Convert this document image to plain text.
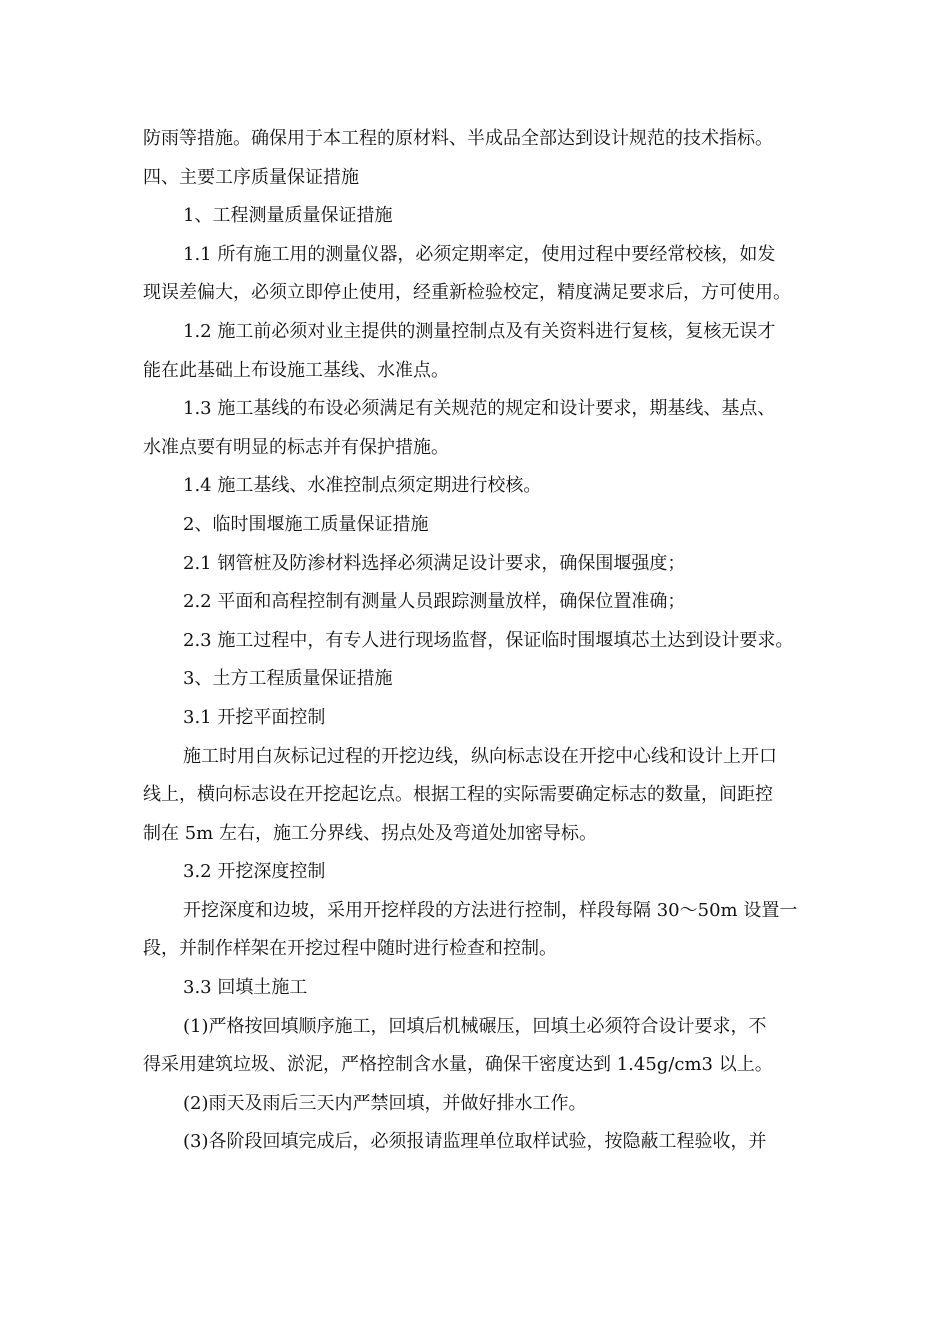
防雨等措施。确保用于本工程的原材料、半成品全部达到设计规范的技术指标。
四、主要工序质量保证措施
1、工程测量质量保证措施
1.1 所有施工用的测量仪器，必须定期率定，使用过程中要经常校核，如发
现误差偏大，必须立即停止使用，经重新检验校定，精度满足要求后，方可使用。
1.2 施工前必须对业主提供的测量控制点及有关资料进行复核，复核无误才
能在此基础上布设施工基线、水准点。
1.3 施工基线的布设必须满足有关规范的规定和设计要求，期基线、基点、
水准点要有明显的标志并有保护措施。
1.4 施工基线、水准控制点须定期进行校核。
2、临时围堰施工质量保证措施
2.1 钢管桩及防渗材料选择必须满足设计要求，确保围堰强度；
2.2 平面和高程控制有测量人员跟踪测量放样，确保位置准确；
2.3 施工过程中，有专人进行现场监督，保证临时围堰填芯土达到设计要求。
3、土方工程质量保证措施
3.1 开挖平面控制
施工时用白灰标记过程的开挖边线，纵向标志设在开挖中心线和设计上开口
线上，横向标志设在开挖起讫点。根据工程的实际需要确定标志的数量，间距控
制在 5m 左右，施工分界线、拐点处及弯道处加密导标。
3.2 开挖深度控制
开挖深度和边坡，采用开挖样段的方法进行控制，样段每隔 30～50m 设置一
段，并制作样架在开挖过程中随时进行检查和控制。
3.3 回填土施工
(1)严格按回填顺序施工，回填后机械碾压，回填土必须符合设计要求，不
得采用建筑垃圾、淤泥，严格控制含水量，确保干密度达到 1.45g/cm3 以上。
(2)雨天及雨后三天内严禁回填，并做好排水工作。
(3)各阶段回填完成后，必须报请监理单位取样试验，按隐蔽工程验收，并
